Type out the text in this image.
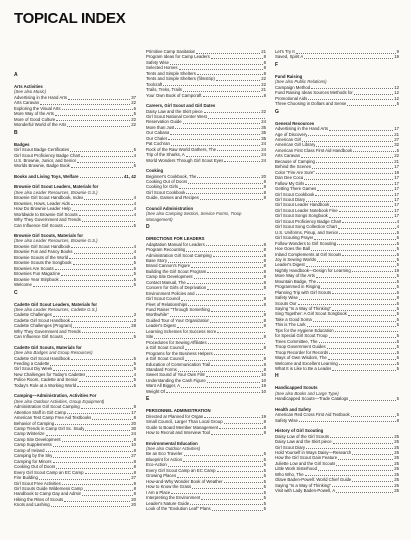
TOPICAL INDEX
A
Arts Activities
(See also Music)
Advertising in the Hand Arts	37
Arts Caravan	22
Exploring the Visual Arts	6
More Way of the Arts	5
More of Good Culture	22
Wonderful World of the Arts	22
B
Badges
Girl Scout Badge Certificates	5
Girl Scout Proficiency Badge Chart	4
U.S. Brownie, Junior, and Senior
Worlds Brownie, Badge Book	5
Books and Living Toys, Welfare	41, 42
Brownie Girl Scout Leaders, Materials for
(See also Leader Resources, Brownie G.S.)
Brownie Girl Scout Handbook, Index	4
Brownies, Hows, Leader Aids	4
How Do Brownie Leader Help	4
Worldwide to Brownie Girl Scouts	4
Why They Government and Trends
Can Influence Girl Scouts	5
Brownie Girl Scouts, Materials for
(See also Leader Resources, Brownie G.S.)
Brownie Girl Scout Handbook	4
Brownie Fun and Fancy Books	4
Brownie Scouts of the World	5
Brownie Scouts the Songbook	5
Brownies Are Scouts	5
Brownies Fun Magazine	5
Brownie Year Stirpbook	5
Welcome	5
C
Cadette Girl Scout Leaders, Materials for
(See also Leader Resources, Cadette G.S.)
Cadette Challenges	3
Cadette Girl Scout Handbook	3
Cadette Challenges (Program)	28
Why They Government and Trends
Can Influence Girl Scouts	5
Cadette Girl Scouts, Materials for
(See also Badges and Group Resources)
Cadette Girl Scout Handbook	5
Feeding a Cadette	5
Girl Scout Diy Week	5
New Challenges for Today's Cadettes	4
Police Room, Cadette and Senior	5
Today's Role at a Working World	5
Camping—Administration, Activities For
(See also Outdoor Activities, Group Equipment)
Administration Girl Scout Camping	8
Attention Staff in Girl Camp	17
American Test Camp Free Aid Textbooks	8
Behavior of Camping	20
Camp Trends in Camp Girl Sc. Study	30
Camp Winterize	24
Camp Site Development	8
Camp Supplements	10
Camp of Ireland	8
Camping by the Sky	27
Camping for Minors	8
Cooking Out of Doors	8
Every Girl Scout Camp an EC Camp	8
Fire Building	27
Girl Scout Free Activities	9
Girl Scouts Guide Wilderness Camp	8
Handbook to Camp Day and Admin	8
Hiking the Rites of Scouts	20
Knots and Lashing	20
Primitive Camp Sanitation	21
Program Ideas for Camp Leaders	8
Safety Wise	8
Selected Homes	8
Tents and Simple Shelters	8
Tents and Simple Shelters (filmstrip)	22
Toolcraft	22
Trails, Treks, Trails	21
Your Own Book of Campcraft	8
Careers, Girl Scout and Girl Dates
Daisy Law and the Skirt piece	22
Girl Scout National Center West
Reservation Guide	24
More than Just	35
Our Cabana	35
Our Chalet	35
Pat Cochran	24
Rock of the Raw World Gathers, The	24
Trip of the Sharks, A	24
World Wonders Through Girl Scout Eyes	24
Cooking
Beginner's Cookbook, The	20
Cooking Out of Doors	8
Cooking for Girls	8
Girl Scout Cookbook	8
Guide, Games and Recipes	8
Council Administration
(See also Camping Section, Service Forms, Troop Management)
D
DIRECTIONS FOR LEADERS
Adaptation Manual for Leaders	8
Program Recounting	8
Administration Girl Scout Camping	8
Base Story	8
Brand Cannon's Figure	8
Building the Girl Scout Program	8
Camp Site Development	8
Contact Manual, The	8
Concern for Girls of Deprivation	8
Environment Policies and
Girl Scout Council	8
Fleet of Relationships	8
Fund Raiser "Through Something
Worthwhile"	8
Guided Tour of Your Organization	8
Leader's Digest	8
Learning Schemes for Success Incre
Site	8
Procedures for Sewing Affiliates
a Girl Scout Council	8
Programs for the Business Helpers
a Girl Scout Council	8
Education of Communication Trail	8
Standard Forms	8
Sweet Sound of Your Own Film	10
Understanding the Cash Figure	10
Want All Bigger, A	19
Weight Of	10
E
PERSONNEL ADMINISTRATION
Directed ar Planned for Organ	19
Small Council, Larger Than Local Group	8
Guide to Board Member Management	8
How to Recruit and Interview Tool	8
Environmental Education
(See also Outdoor Activities)
Be an Eco Traveler	5
Blueprint for Action	5
Eco-Action	5
Every Girl Scout Camp an EC Camp	5
Growing Places	5
How-and-Why Wonder Book of Weather	5
How to Know the Grass	5
I Am a Place	5
Interpreting the Environment	5
Leader's Nature Guide	5
Look of the "Evolution Leaf" Plans	5
Let's Try It	9
Saved, Spirit A	19
F
Fund Raising
(See also Public Relations)
Campaign Method	12
Fund Raising Ideas Sources Methods for	12
Promotional Aids	12
Three Choosing in Dollars and Sense	5
G
General Resources
Advertising in the Hand Arts	17
Age of Discovery	21
American Girl	27
American Girl Library	32
American First Class First Aid Handbook	5
Arts Caravan	22
Because of Camping	21
Behind the Scenes	17
Color "Fire Are Sure"	19
Dan Dee Coca	17
Fallow My Girls	17
Getting There Games	17
Girl Scout Cookbook	17
Girl Scout Diary	17
Girl Scout Leader Handbook	17
Girl Scout Leader Notebook Fine	17
Girl Scout Songs Songbook	17
Girl Scout Proficiency Badge Chart	4
Girl Scout Song Collection Chart	4
U.S. Uniforms, Pinup, and Senior	5
Girl Scouting Prayer	5
Follow Wonders to Girl Scouting	5
Hoe Goes the Ball	5
Inland Complements at Girl Scouts	5
Joy in Sewing Worlds	5
Leader's Digest	5
Nightly Handbook—Design for Learning	19
More Way of the Arts	5
Mountain Badge, The	5
Programmed in Ringing	5
Planning Trip with Girl Scouts	5
Safety Wise	8
Scouts Our	5
Saying "Is a Way of Thinking"	5
Sing Together: A Girl Scout Songbook	5
Take a Good Soma	5
This is The Lark	5
Tips for the Hygiene Education
for Special Girl Scout Troop	5
Trees Committee, The	5
Troop Government Guides	5
Troop Recorder for Records	5
Ways of Own Wisdom, The	5
Welcome and Excellent Learning	5
What It is Like to Be a Leader	5
H
Handicapped Scouts
(See also Books and Large Type)
Handicapped Scouts—Trade Catalogs	5
Health and Safety
American Red Cross First Aid Textbook	5
Safety Wise	8
History of Girl Scouting
Daisy Low of the Girl Scouts	25
Daisy Law and the Skirt piece	25
Girl Scout Diary	25
Hold Yourself in Ways Daisy—Research	25
How the Girl Scout Gain Feature	25
Juliette Low and the Girl Scouts	25
Little Work Sisterhood	25
Who Who, The	25
Olave Baden-Powell: World Chief Guide	25
Saying "Is a Way of Thinking"	25
Visit with Lady Baden-Powell, A	25
